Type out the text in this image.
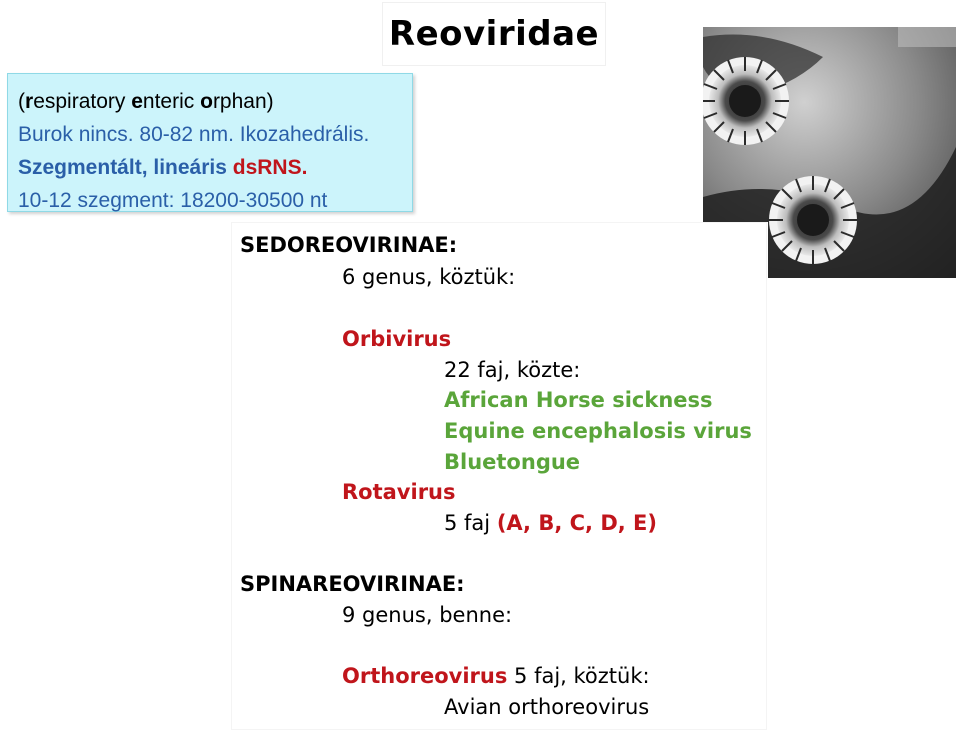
Reoviridae
(respiratory enteric orphan)
Burok nincs. 80-82 nm. Ikozahedrális.
Szegmentált, lineáris dsRNS.
10-12 szegment: 18200-30500 nt
SEDOREOVIRINAE:
6 genus, köztük:
Orbivirus
22 faj, közte:
African Horse sickness
Equine encephalosis virus
Bluetongue
Rotavirus
5 faj (A, B, C, D, E)
SPINAREOVIRINAE:
9 genus, benne:
Orthoreovirus 5 faj, köztük:
Avian orthoreovirus
